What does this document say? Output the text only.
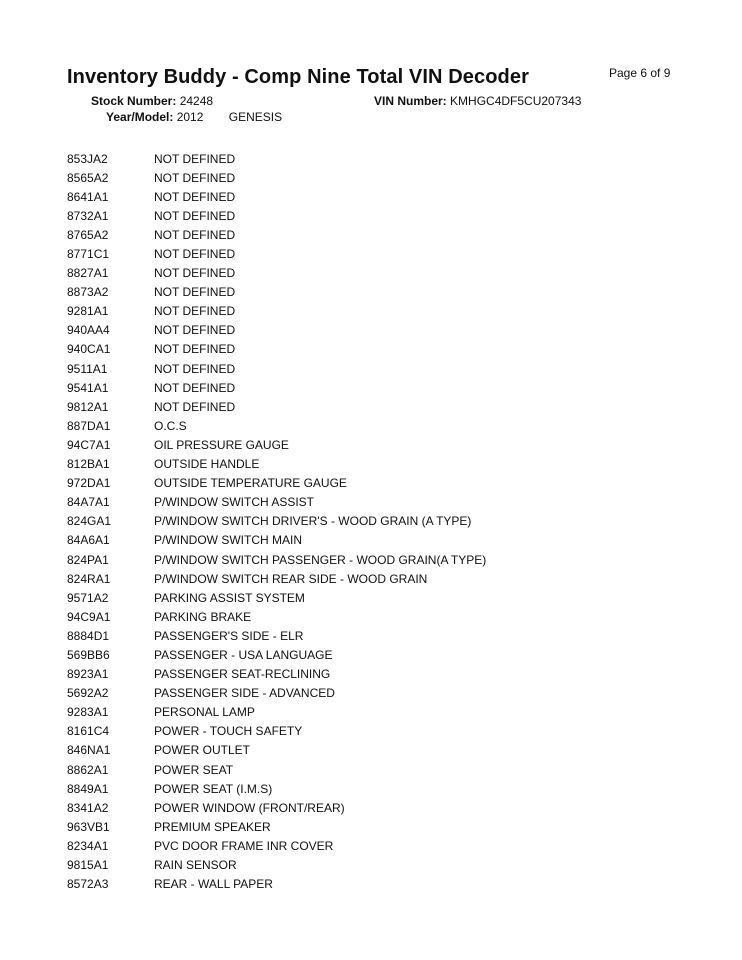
Inventory Buddy - Comp Nine Total VIN Decoder	Page 6 of 9
Stock Number: 24248
Year/Model: 2012 GENESIS
VIN Number: KMHGC4DF5CU207343
853JA2	NOT DEFINED
8565A2	NOT DEFINED
8641A1	NOT DEFINED
8732A1	NOT DEFINED
8765A2	NOT DEFINED
8771C1	NOT DEFINED
8827A1	NOT DEFINED
8873A2	NOT DEFINED
9281A1	NOT DEFINED
940AA4	NOT DEFINED
940CA1	NOT DEFINED
9511A1	NOT DEFINED
9541A1	NOT DEFINED
9812A1	NOT DEFINED
887DA1	O.C.S
94C7A1	OIL PRESSURE GAUGE
812BA1	OUTSIDE HANDLE
972DA1	OUTSIDE TEMPERATURE GAUGE
84A7A1	P/WINDOW SWITCH ASSIST
824GA1	P/WINDOW SWITCH DRIVER'S - WOOD GRAIN (A TYPE)
84A6A1	P/WINDOW SWITCH MAIN
824PA1	P/WINDOW SWITCH PASSENGER - WOOD GRAIN(A TYPE)
824RA1	P/WINDOW SWITCH REAR SIDE - WOOD GRAIN
9571A2	PARKING ASSIST SYSTEM
94C9A1	PARKING BRAKE
8884D1	PASSENGER'S SIDE - ELR
569BB6	PASSENGER - USA LANGUAGE
8923A1	PASSENGER SEAT-RECLINING
5692A2	PASSENGER SIDE - ADVANCED
9283A1	PERSONAL LAMP
8161C4	POWER - TOUCH SAFETY
846NA1	POWER OUTLET
8862A1	POWER SEAT
8849A1	POWER SEAT (I.M.S)
8341A2	POWER WINDOW (FRONT/REAR)
963VB1	PREMIUM SPEAKER
8234A1	PVC DOOR FRAME INR COVER
9815A1	RAIN SENSOR
8572A3	REAR - WALL PAPER
